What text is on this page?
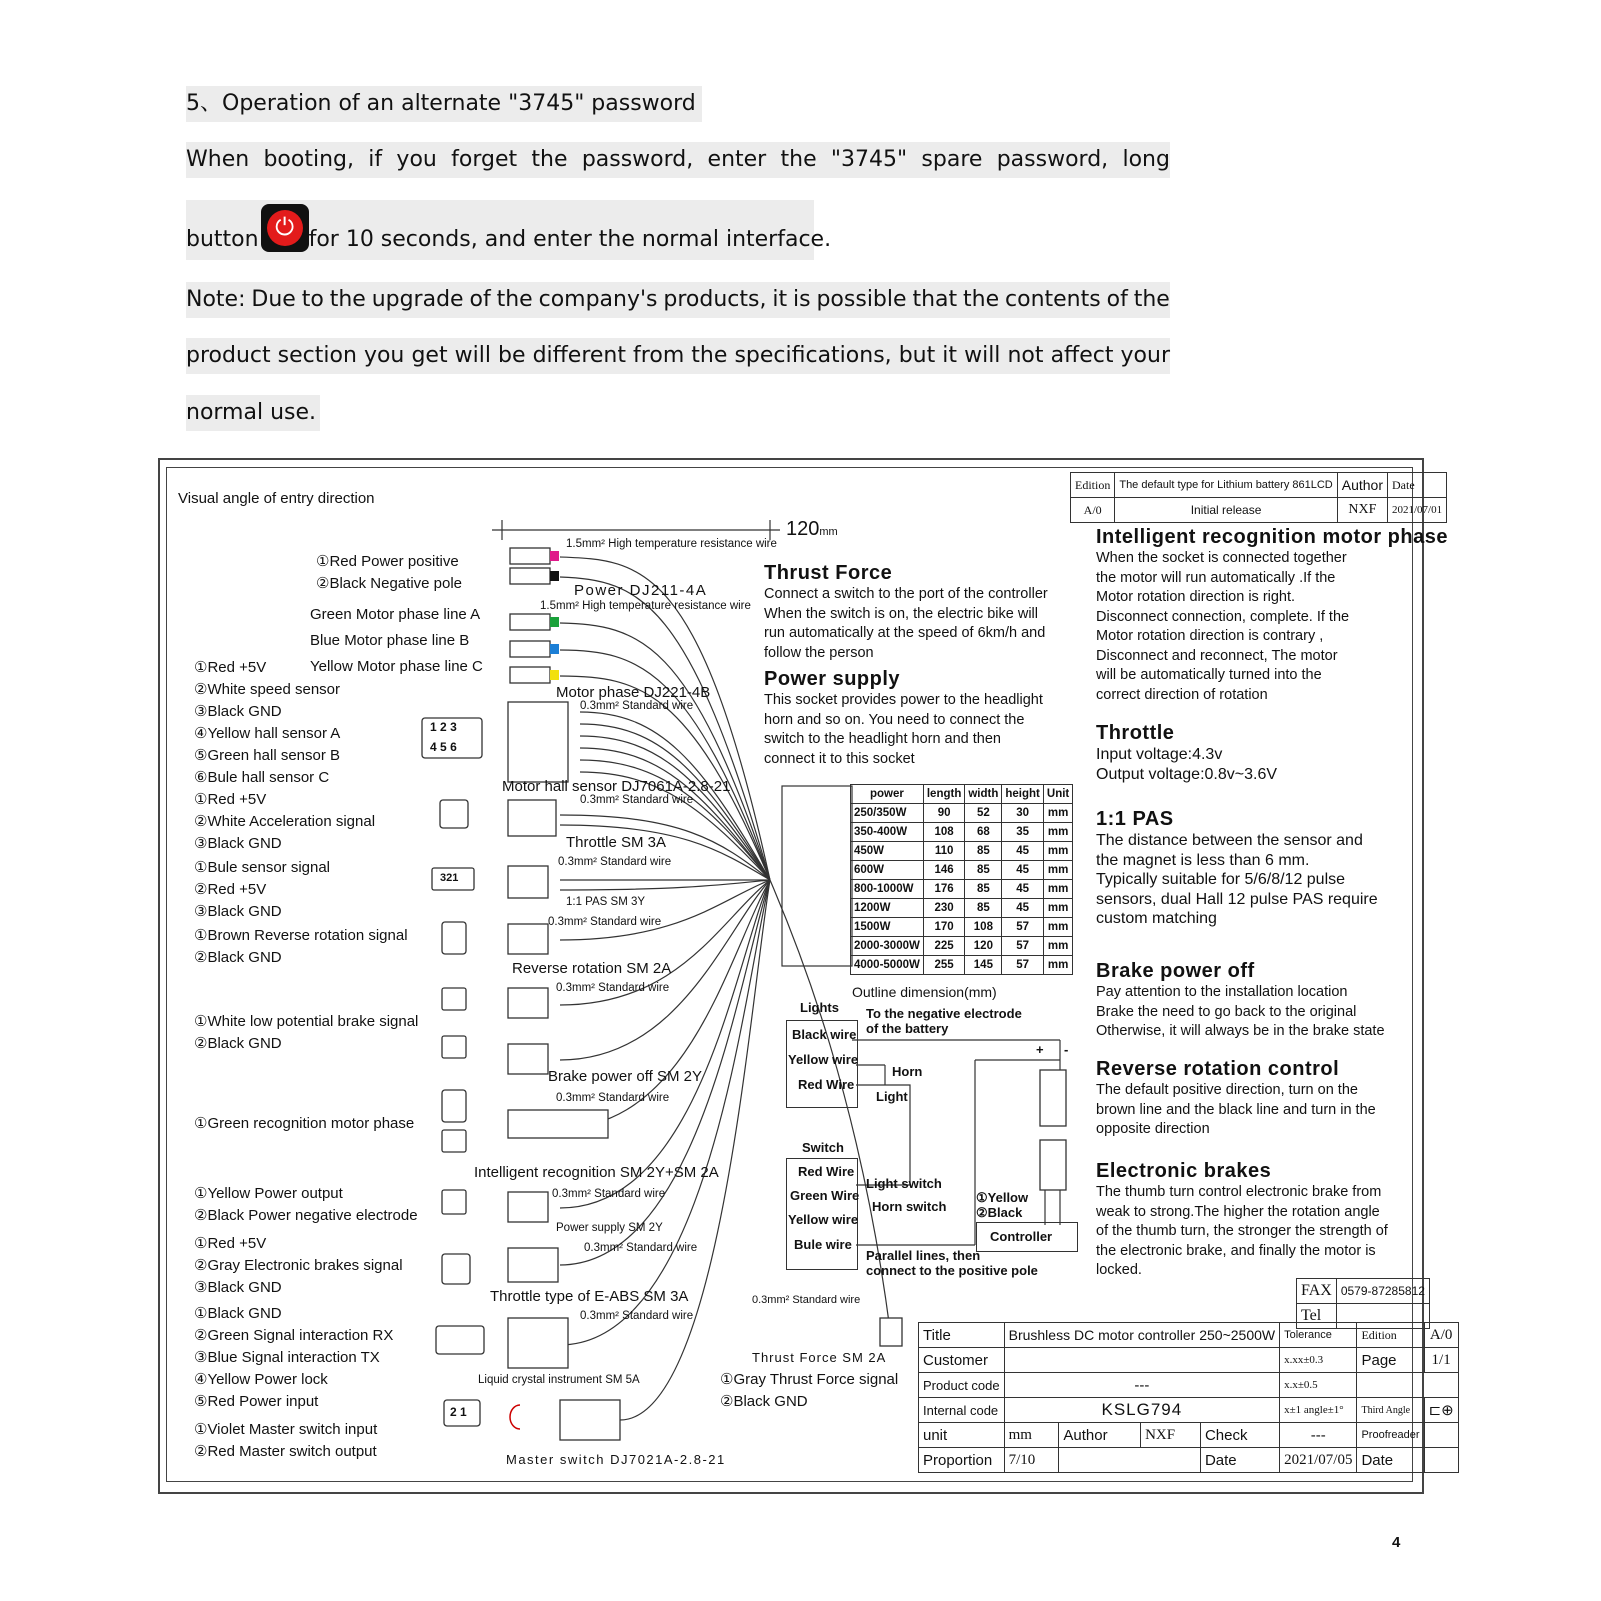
5、Operation of an alternate "3745" password
When booting, if you forget the password, enter the "3745" spare password, long
button ⏻ for 10 seconds, and enter the normal interface.
Note: Due to the upgrade of the company's products, it is possible that the contents of the
product section you get will be different from the specifications, but it will not affect your
normal use.
Visual angle of entry direction
1 2 3
4 5 6
321
2 1
120mm
①Red Power positive
②Black Negative pole
Green Motor phase line A
Blue Motor phase line B
Yellow Motor phase line C
①Red +5V
②White speed sensor
③Black GND
④Yellow hall sensor A
⑤Green hall sensor B
⑥Bule hall sensor C
①Red +5V
②White Acceleration signal
③Black GND
①Bule sensor signal
②Red +5V
③Black GND
①Brown Reverse rotation signal
②Black GND
①White low potential brake signal
②Black GND
①Green recognition motor phase
①Yellow Power output
②Black Power negative electrode
①Red +5V
②Gray Electronic brakes signal
③Black GND
①Black GND
②Green Signal interaction RX
③Blue Signal interaction TX
④Yellow Power lock
⑤Red Power input
①Violet Master switch input
②Red Master switch output
1.5mm² High temperature resistance wire
Power DJ211-4A
1.5mm² High temperature resistance wire
Motor phase DJ221-4B
0.3mm² Standard wire
Motor hall sensor DJ7061A-2.8-21
0.3mm² Standard wire
Throttle SM 3A
0.3mm² Standard wire
1:1 PAS SM 3Y
0.3mm² Standard wire
Reverse rotation SM 2A
0.3mm² Standard wire
Brake power off SM 2Y
0.3mm² Standard wire
Intelligent recognition SM 2Y+SM 2A
0.3mm² Standard wire
Power supply SM 2Y
0.3mm² Standard wire
Throttle type of E-ABS SM 3A
0.3mm² Standard wire
Liquid crystal instrument SM 5A
Master switch DJ7021A-2.8-21
0.3mm² Standard wire
Thrust Force SM 2A
①Gray Thrust Force signal
②Black GND
Thrust Force
Connect a switch to the port of the controller
When the switch is on, the electric bike will
run automatically at the speed of 6km/h and
follow the person
Power supply
This socket provides power to the headlight
horn and so on. You need to connect the
switch to the headlight horn and then
connect it to this socket
power	length	width	height	Unit
250/350W	90	52	30	mm
350-400W	108	68	35	mm
450W	110	85	45	mm
600W	146	85	45	mm
800-1000W	176	85	45	mm
1200W	230	85	45	mm
1500W	170	108	57	mm
2000-3000W	225	120	57	mm
4000-5000W	255	145	57	mm
Outline dimension(mm)
Lights To the negative electrode
of the battery
Black wire
Yellow wire
Red Wire
Horn
Light
Switch
Red Wire
Green Wire
Yellow wire
Bule wire
Light switch
Horn switch
①Yellow
②Black
+ -
Controller
Parallel lines, then
connect to the positive pole
Edition	The default type for Lithium battery 861LCD	Author	Date
A/0	Initial release	NXF	2021/07/01
Intelligent recognition motor phase
When the socket is connected together
the motor will run automatically .If the
Motor rotation direction is right.
Disconnect connection, complete. If the
Motor rotation direction is contrary ,
Disconnect and reconnect, The motor
will be automatically turned into the
correct direction of rotation
Throttle
Input voltage:4.3v
Output voltage:0.8v~3.6V
1:1 PAS
The distance between the sensor and
the magnet is less than 6 mm.
Typically suitable for 5/6/8/12 pulse
sensors, dual Hall 12 pulse PAS require
custom matching
Brake power off
Pay attention to the installation location
Brake the need to go back to the original
Otherwise, it will always be in the brake state
Reverse rotation control
The default positive direction, turn on the
brown line and the black line and turn in the
opposite direction
Electronic brakes
The thumb turn control electronic brake from
weak to strong.The higher the rotation angle
of the thumb turn, the stronger the strength of
the electronic brake, and finally the motor is
locked.
FAX	0579-87285812
Tel	
Title	Brushless DC motor controller 250~2500W				Tolerance	Edition	A/0
Customer					x.xx±0.3	Page	1/1
Product code	---				x.x±0.5		
Internal code	KSLG794				x±1 angle±1°	Third Angle	⊏⊕
unit	mm	Author	NXF	Check	---	Proofreader	
Proportion	7/10			Date	2021/07/05	Date	
4
